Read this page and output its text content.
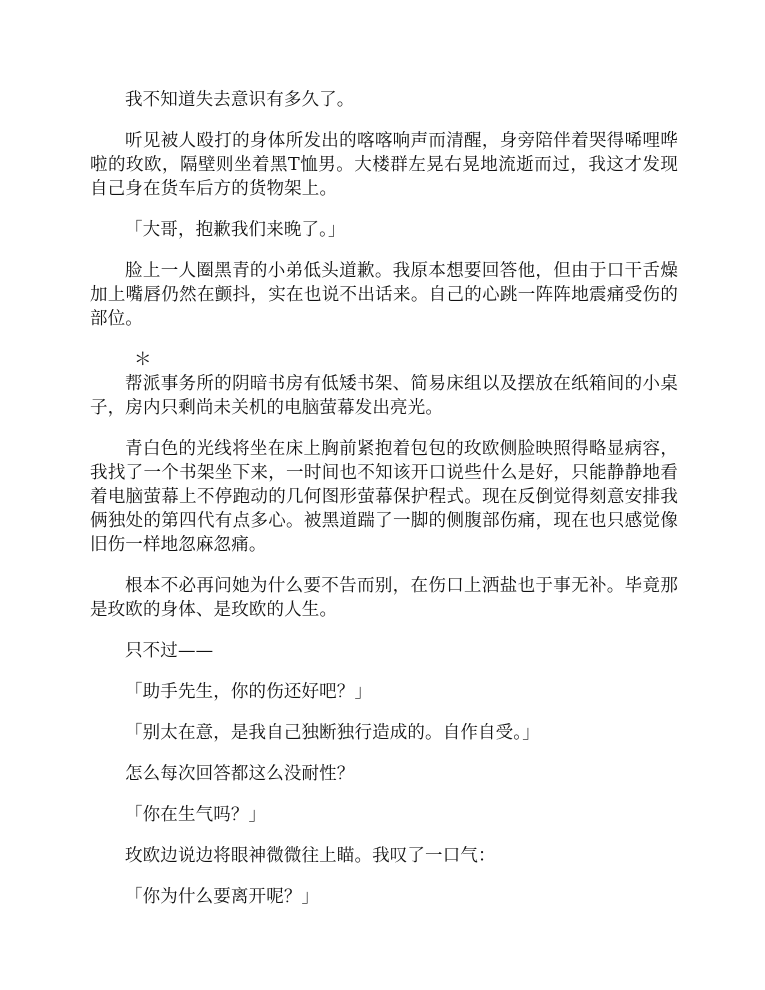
我不知道失去意识有多久了。

听见被人殴打的身体所发出的喀喀响声而清醒，身旁陪伴着哭得唏哩哗啦的玫欧，隔壁则坐着黑T恤男。大楼群左晃右晃地流逝而过，我这才发现自己身在货车后方的货物架上。

「大哥，抱歉我们来晚了。」

脸上一人圈黑青的小弟低头道歉。我原本想要回答他，但由于口干舌燥加上嘴唇仍然在颤抖，实在也说不出话来。自己的心跳一阵阵地震痛受伤的部位。

＊

帮派事务所的阴暗书房有低矮书架、简易床组以及摆放在纸箱间的小桌子，房内只剩尚未关机的电脑萤幕发出亮光。

青白色的光线将坐在床上胸前紧抱着包包的玫欧侧脸映照得略显病容，我找了一个书架坐下来，一时间也不知该开口说些什么是好，只能静静地看着电脑萤幕上不停跑动的几何图形萤幕保护程式。现在反倒觉得刻意安排我俩独处的第四代有点多心。被黑道踹了一脚的侧腹部伤痛，现在也只感觉像旧伤一样地忽麻忽痛。

根本不必再问她为什么要不告而别，在伤口上洒盐也于事无补。毕竟那是玫欧的身体、是玫欧的人生。

只不过——

「助手先生，你的伤还好吧？」

「别太在意，是我自己独断独行造成的。自作自受。」

怎么每次回答都这么没耐性？

「你在生气吗？」

玫欧边说边将眼神微微往上瞄。我叹了一口气：

「你为什么要离开呢？」
